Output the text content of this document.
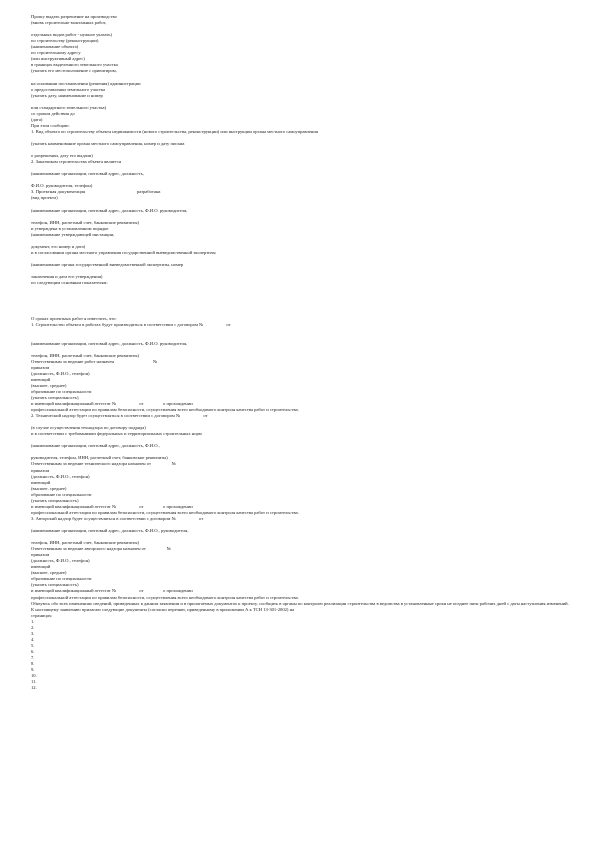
Прошу выдать разрешение на производство
(вновь строительно-монтажных работ,
отдельных видов работ - нужное указать)
по строительству (реконструкции)
(наименование объекта)
по строительному адресу
(или инструктивный адрес)
в границах выделенного земельного участка
(указать его местоположение с ориентиром,
на основании постановления (решения) администрации
о предоставлении земельного участка
(указать дату, наименование и номер
или стандартного земельного участка)
со сроком действия до
(дата)
При этом сообщаю:
1. Вид объекта по строительству объекта недвижимости (нового строительства, реконструкции) или инструкции органа местного самоуправления
(указать наименование органа местного самоуправления, номер и дату письма
о разрешении, дату его выдачи)
2. Заказчиком строительства объекта является
(наименование организации, почтовый адрес, должность,
Ф.И.О. руководителя, телефон)
3. Проектная документация                                             разработана
(вид проекта)
(наименование организации, почтовый адрес, должность, Ф.И.О. руководителя,
телефон, ИНН, расчетный счет, банковские реквизиты)
и утверждена в установленном порядке
(наименование утверждающей инстанции,
документ, его номер и дата)
и в согласовании органа местного управления государственной вневедомственной экспертизы
(наименование органа государственной вневедомственной экспертизы, номер
заключения и дата его утверждения)
по следующим основным показателям:
О сроках проектных работ я известить, что:
1. Строительство объекта в работах будут производиться в соответствии с договором №                    от
(наименование организации, почтовый адрес, должность, Ф.И.О. руководителя,
телефон, ИНН, расчетный счет, банковские реквизиты)
Ответственным за ведение работ назначен                                  №
приказом
(должность, Ф.И.О., телефон)
имеющий
(высшее, среднее)
образование по специальности
(указать специальность)
и имеющий квалификационный аттестат №                    от                 о прохождении
профессиональной аттестации по правилам безопасности, осуществления всего необходимого контроля качества работ и строительства.
2. Технический надзор будет осуществляться в соответствии с договором №                    от
(в случае осуществления технадзора по договору подряда)
и в соответствии с требованиями федеральных и территориальных строительных норм
(наименование организации, почтовый адрес, должность, Ф.И.О.,
руководителя, телефон, ИНН, расчетный счет, банковские реквизиты)
Ответственным за ведение технического надзора назначен от                  №
приказом
(должность, Ф.И.О., телефон)
имеющий
(высшее, среднее)
образование по специальности
(указать специальность)
и имеющий квалификационный аттестат №                    от                 о прохождении
профессиональной аттестации по правилам безопасности, осуществления всего необходимого контроля качества работ и строительства.
3. Авторский надзор будет осуществляться в соответствии с договором №                    от
(наименование организации, почтовый адрес, должность, Ф.И.О., руководителя,
телефон, ИНН, расчетный счет, банковские реквизиты)
Ответственным за ведение авторского надзора назначен от                  №
приказом
(должность, Ф.И.О., телефон)
имеющий
(высшее, среднее)
образование по специальности
(указать специальность)
и имеющий квалификационный аттестат №                    от                 о прохождении
профессиональной аттестации по правилам безопасности, осуществления всего необходимого контроля качества работ и строительства.
Обязуюсь обо всех изменениях сведений, приведенных в данном заявлении и в прилагаемых документах к проекту, сообщить в органы по контролю реализации строительства в ведомства в установленные сроки не позднее пяти рабочих дней с даты наступления изменений.
К настоящему заявлению прилагаю следующие документы (согласно перечню, приведенному в приложении А к ТСН 13-301-2002) на
страницах:
1.
2.
3.
4.
5.
6.
7.
8.
9.
10.
11.
12.
